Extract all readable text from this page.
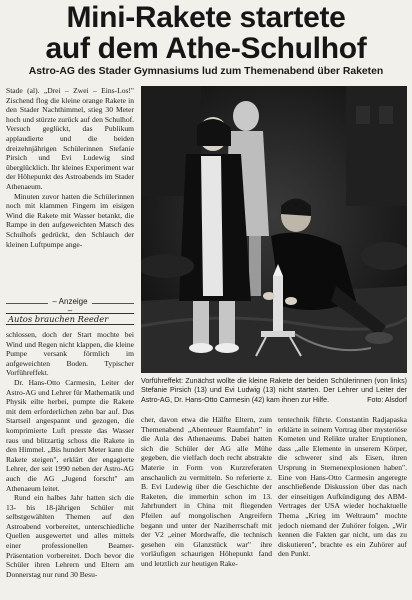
Mini-Rakete startete
auf dem Athe-Schulhof
Astro-AG des Stader Gymnasiums lud zum Themenabend über Raketen

Stade (al). „Drei – Zwei – Eins-Los!" Zischend flog die kleine orange Rakete in den Stader Nachthimmel, stieg 30 Meter hoch und stürzte zurück auf den Schulhof. Versuch geglückt, das Publikum applaudierte und die beiden dreizehnjährigen Schülerinnen Stefanie Pirsich und Evi Ludewig sind überglücklich. Ihr kleines Experiment war der Höhepunkt des Astroabends im Stader Athenaeum.

Minuten zuvor hatten die Schülerinnen noch mit klammen Fingern im eisigen Wind die Rakete mit Wasser betankt, die Rampe in den aufgeweichten Matsch des Schulhofs gedrückt, den Schlauch der kleinen Luftpumpe ange-

– Anzeige –
Autos brauchen Reeder

schlossen, doch der Start mochte bei Wind und Regen nicht klappen, die kleine Pumpe versank förmlich im aufgeweichten Boden. Typischer Vorführeffekt.

Dr. Hans-Otto Carmesin, Leiter der Astro-AG und Lehrer für Mathematik und Physik eilte herbei, pumpte die Rakete mit dem erforderlichen zehn bar auf. Das Startseil angespannt und gezogen, die komprimierte Luft presste das Wasser raus und blitzartig schoss die Rakete in den Himmel. „Bis hundert Meter kann die Rakete steigen", erklärt der engagierte Lehrer, der seit 1990 neben der Astro-AG auch die AG „Jugend forscht" am Athenaeum leitet.

Rund ein halbes Jahr hatten sich die 13- bis 18-jährigen Schüler mit selbstgewählten Themen auf den Astroabend vorbereitet, unterschiedliche Quellen ausgewertet und alles mittels einer professionellen Beamer-Präsentation vorbereitet. Doch bevor die Schüler ihren Lehrern und Eltern am Donnerstag nur rund 30 Besu-

Vorführeffekt: Zunächst wollte die kleine Rakete der beiden Schülerinnen (von links) Stefanie Pirsich (13) und Evi Ludwig (13) nicht starten. Der Lehrer und Leiter der Astro-AG, Dr. Hans-Otto Carmesin (42) kam ihnen zur Hilfe.	Foto: Alsdorf

cher, davon etwa die Hälfte Eltern, zum Themenabend „Abenteuer Raumfahrt" in die Aula des Athenaeums. Dabei hatten sich die Schüler der AG alle Mühe gegeben, die vielfach doch recht abstrakte Materie in Form von Kurzreferaten anschaulich zu vermitteln. So referierte z. B. Evi Ludewig über die Geschichte der Raketen, die immerhin schon im 13. Jahrhundert in China mit fliegenden Pfeilen auf mongolischen Angreifern begann und unter der Naziherrschaft mit der V2 „einer Mordwaffe, die technisch gesehen ein Glanzstück war" ihre vorläufigen schaurigen Höhepunkt fand und letztlich zur heutigen Rake-

tentechnik führte. Constantin Radjapaska erklärte in seinem Vortrag über mysteriöse Kometen und Relikte uralter Eruptionen, dass „alle Elemente in unserem Körper, die schwerer sind als Eisen, ihren Ursprung in Sternenexplosionen haben". Eine von Hans-Otto Carmesin angeregte anschließende Diskussion über das nach der einseitigen Aufkündigung des ABM-Vertrages der USA wieder hochaktuelle Thema „Krieg im Weltraum" mochte jedoch niemand der Zuhörer folgen. „Wir kennen die Fakten gar nicht, um das zu diskutieren", brachte es ein Zuhörer auf den Punkt.
